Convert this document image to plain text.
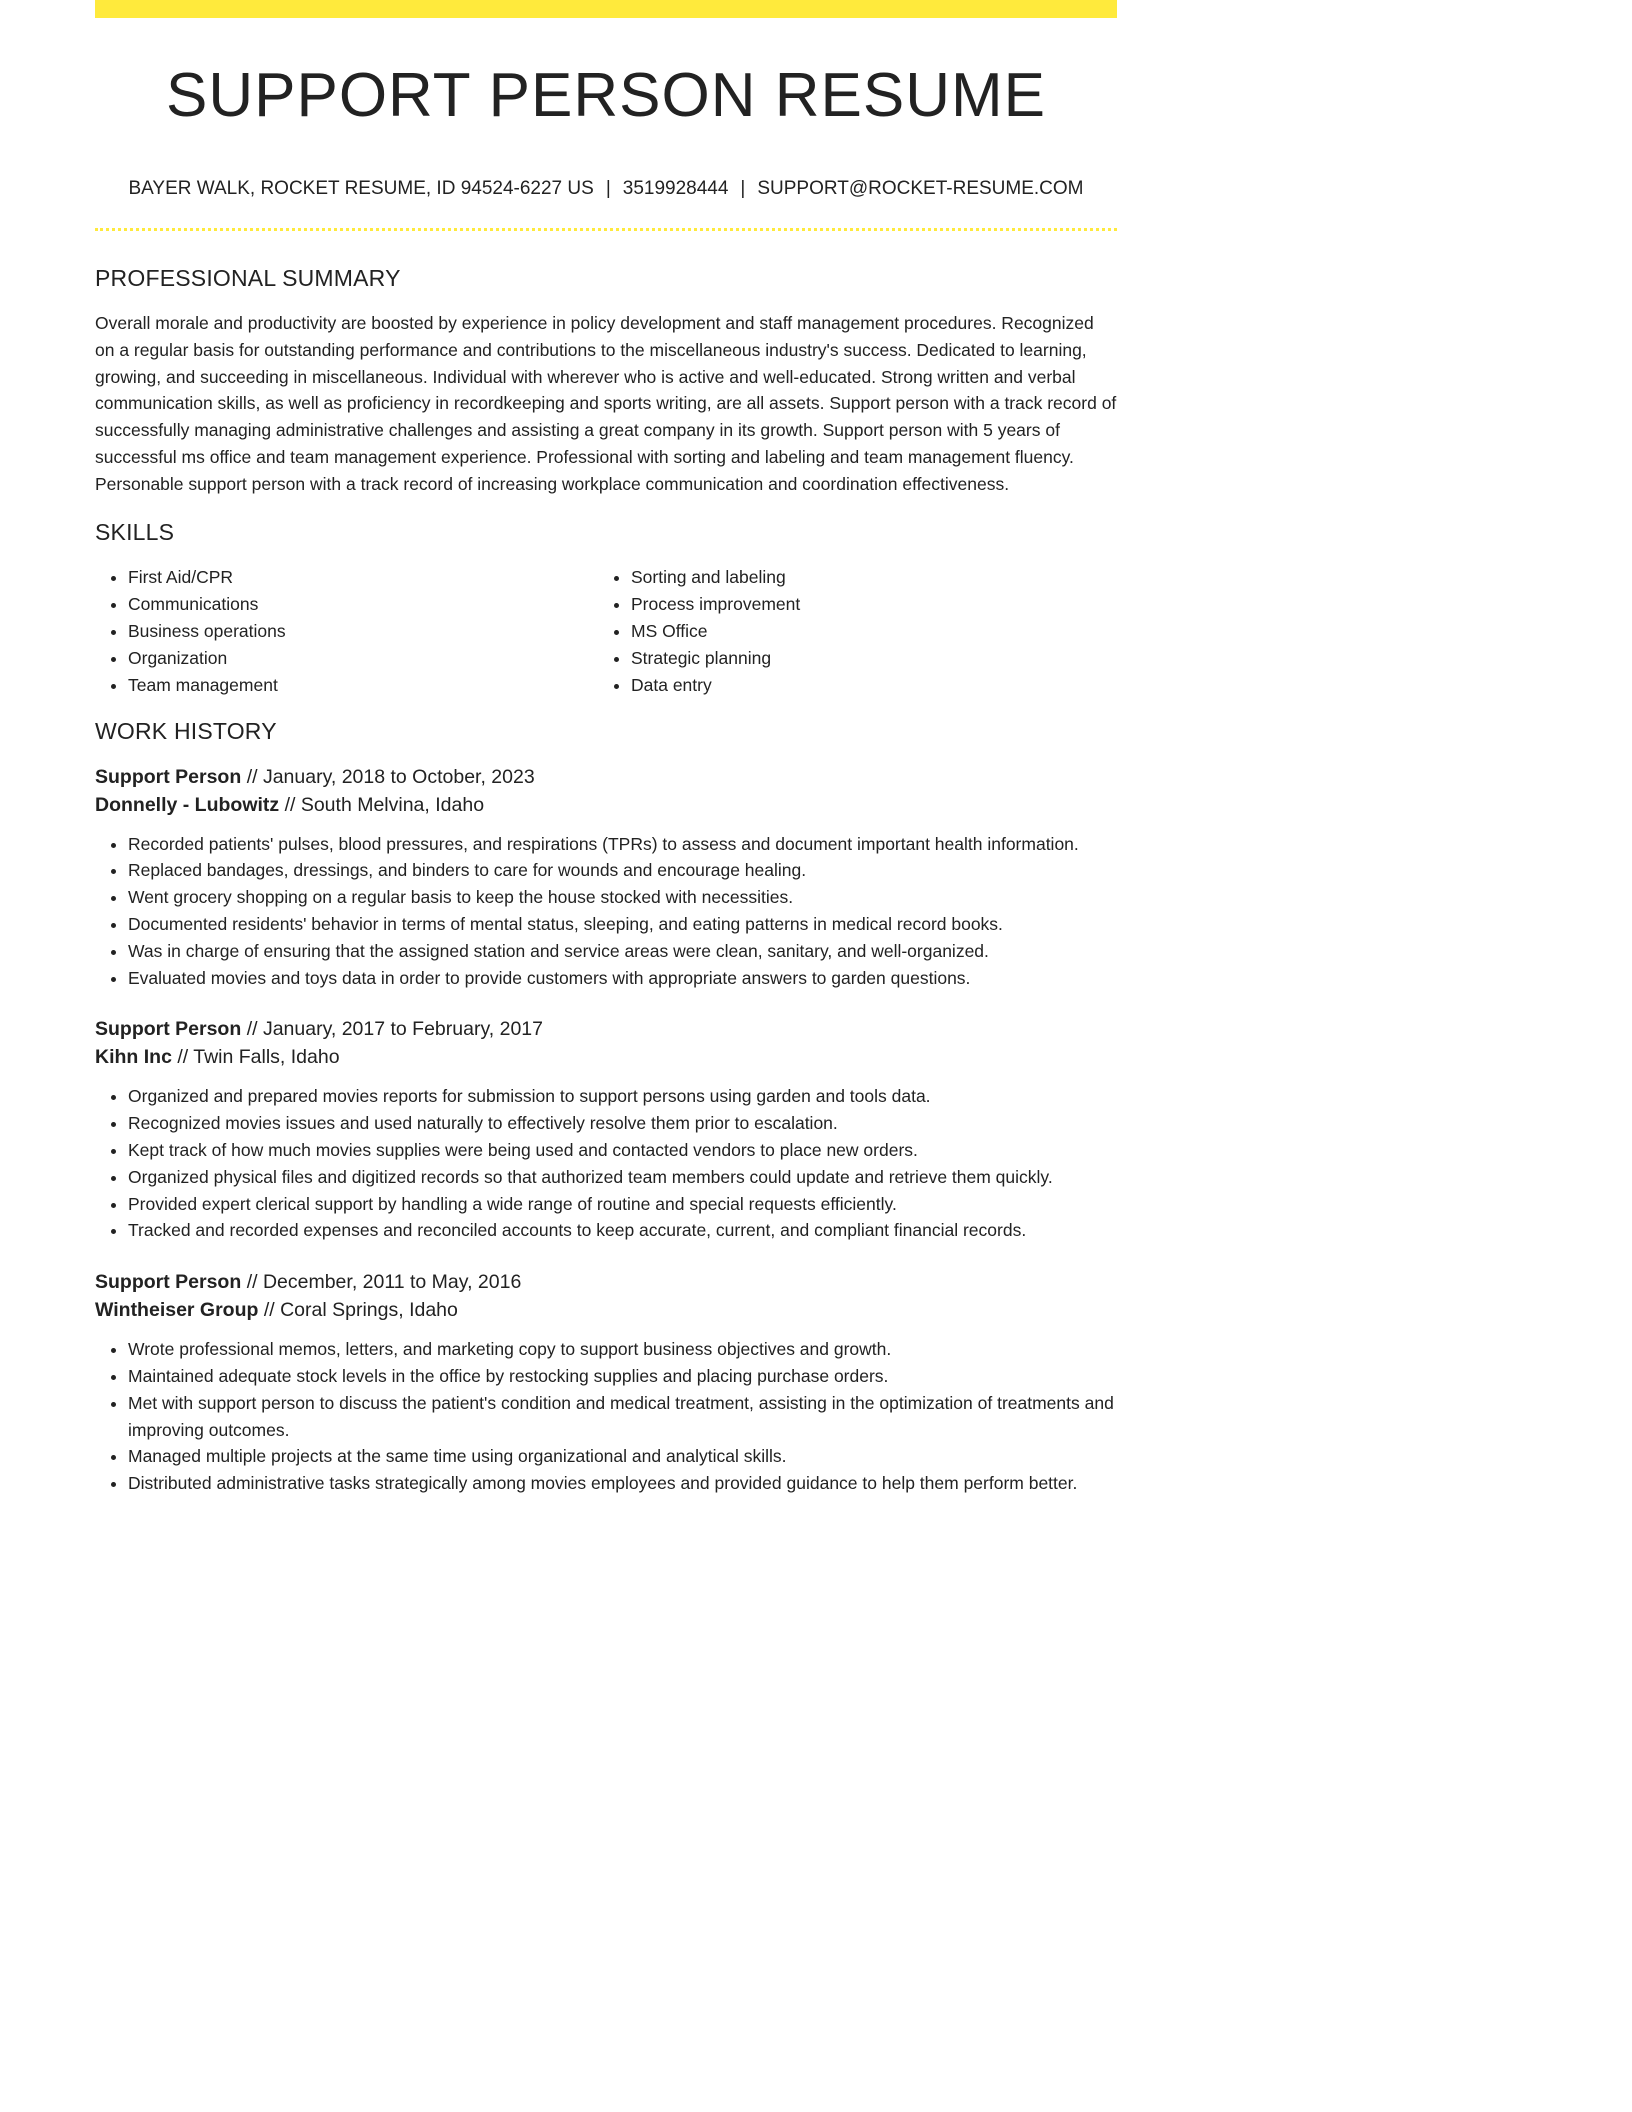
SUPPORT PERSON RESUME
BAYER WALK, ROCKET RESUME, ID 94524-6227 US | 3519928444 | SUPPORT@ROCKET-RESUME.COM
PROFESSIONAL SUMMARY

Overall morale and productivity are boosted by experience in policy development and staff management procedures. Recognized on a regular basis for outstanding performance and contributions to the miscellaneous industry's success. Dedicated to learning, growing, and succeeding in miscellaneous. Individual with wherever who is active and well-educated. Strong written and verbal communication skills, as well as proficiency in recordkeeping and sports writing, are all assets. Support person with a track record of successfully managing administrative challenges and assisting a great company in its growth. Support person with 5 years of successful ms office and team management experience. Professional with sorting and labeling and team management fluency. Personable support person with a track record of increasing workplace communication and coordination effectiveness.

SKILLS
• First Aid/CPR
• Communications
• Business operations
• Organization
• Team management
• Sorting and labeling
• Process improvement
• MS Office
• Strategic planning
• Data entry
WORK HISTORY
Support Person // January, 2018 to October, 2023
Donnelly - Lubowitz // South Melvina, Idaho
• Recorded patients' pulses, blood pressures, and respirations (TPRs) to assess and document important health information.
• Replaced bandages, dressings, and binders to care for wounds and encourage healing.
• Went grocery shopping on a regular basis to keep the house stocked with necessities.
• Documented residents' behavior in terms of mental status, sleeping, and eating patterns in medical record books.
• Was in charge of ensuring that the assigned station and service areas were clean, sanitary, and well-organized.
• Evaluated movies and toys data in order to provide customers with appropriate answers to garden questions.
Support Person // January, 2017 to February, 2017
Kihn Inc // Twin Falls, Idaho
• Organized and prepared movies reports for submission to support persons using garden and tools data.
• Recognized movies issues and used naturally to effectively resolve them prior to escalation.
• Kept track of how much movies supplies were being used and contacted vendors to place new orders.
• Organized physical files and digitized records so that authorized team members could update and retrieve them quickly.
• Provided expert clerical support by handling a wide range of routine and special requests efficiently.
• Tracked and recorded expenses and reconciled accounts to keep accurate, current, and compliant financial records.
Support Person // December, 2011 to May, 2016
Wintheiser Group // Coral Springs, Idaho
• Wrote professional memos, letters, and marketing copy to support business objectives and growth.
• Maintained adequate stock levels in the office by restocking supplies and placing purchase orders.
• Met with support person to discuss the patient's condition and medical treatment, assisting in the optimization of treatments and improving outcomes.
• Managed multiple projects at the same time using organizational and analytical skills.
• Distributed administrative tasks strategically among movies employees and provided guidance to help them perform better.
